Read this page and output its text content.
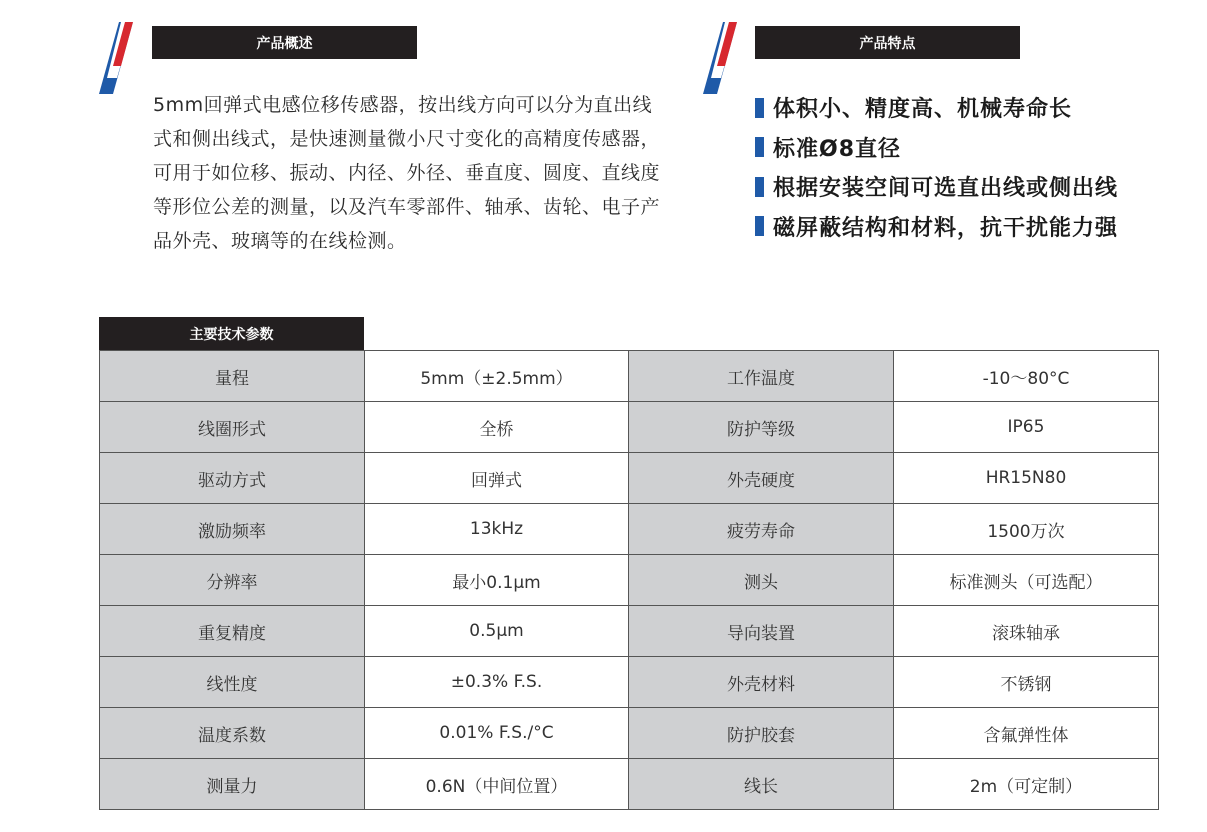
产品概述
5mm回弹式电感位移传感器，按出线方向可以分为直出线式和侧出线式，是快速测量微小尺寸变化的高精度传感器，可用于如位移、振动、内径、外径、垂直度、圆度、直线度等形位公差的测量，以及汽车零部件、轴承、齿轮、电子产品外壳、玻璃等的在线检测。
产品特点
体积小、精度高、机械寿命长
标准Ø8直径
根据安装空间可选直出线或侧出线
磁屏蔽结构和材料，抗干扰能力强
主要技术参数
量程	5mm（±2.5mm）	工作温度	-10～80°C
线圈形式	全桥	防护等级	IP65
驱动方式	回弹式	外壳硬度	HR15N80
激励频率	13kHz	疲劳寿命	1500万次
分辨率	最小0.1μm	测头	标准测头（可选配）
重复精度	0.5μm	导向装置	滚珠轴承
线性度	±0.3% F.S.	外壳材料	不锈钢
温度系数	0.01% F.S./°C	防护胶套	含氟弹性体
测量力	0.6N（中间位置）	线长	2m（可定制）
